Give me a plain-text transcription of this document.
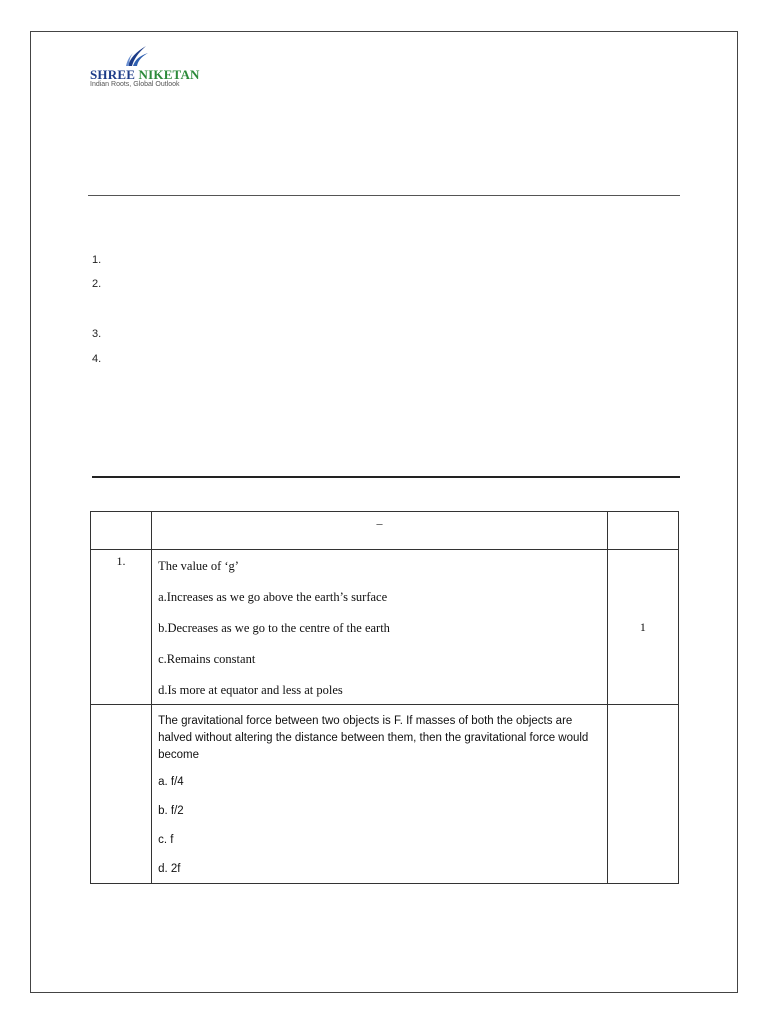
SHREE NIKETAN
Indian Roots, Global Outlook
1.
2.
3.
4.
	–	
1.	The value of ‘g’

a.Increases as we go above the earth’s surface

b.Decreases as we go to the centre of the earth

c.Remains constant

d.Is more at equator and less at poles	1

	The gravitational force between two objects is F. If masses of both the objects are halved without altering the distance between them, then the gravitational force would become

a. f/4

b. f/2

c. f

d. 2f	
